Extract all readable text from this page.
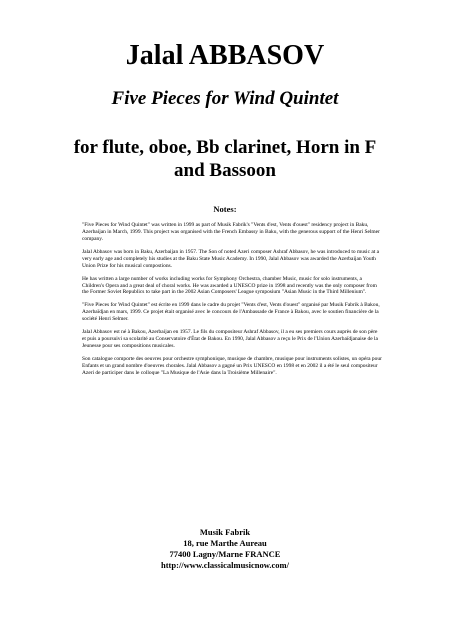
Jalal ABBASOV
Five Pieces for Wind Quintet
for flute, oboe, Bb clarinet, Horn in F
and Bassoon
Notes:

"Five Pieces for Wind Quintet" was written in 1999 as part of Musik Fabrik's "Vents d'est, Vents d'ouest" residency project in Baku, Azerbaijan in March, 1999. This project was organised with the French Embassy in Baku, with the generous support of the Henri Selmer company.

Jalal Abbasov was born in Baku, Azerbaijan in 1957. The Son of noted Azeri composer Ashraf Abbasov, he was introduced to music at a very early age and completely his studies at the Baku State Music Academy. In 1990, Jalal Abbasov was awarded the Azerbaijan Youth Union Prize for his musical compostions.

He has written a large number of works including works for Symphony Orchestra, chamber Music, music for solo instruments, a Children's Opera and a great deal of choral works. He was awarded a UNESCO prize in 1998 and recently was the only composer from the Former Soviet Republics to take part in the 2002 Asian Composers' League symposium "Asian Music in the Third Millenium".

"Five Pieces for Wind Quintet" est écrite en 1999 dans le cadre du projet "Vents d'est, Vents d'ouest" organisé par Musik Fabrik à Bakou, Azerbaïdjan en mars, 1999. Ce projet était organisé avec le concours de l'Ambassade de France à Bakou, avec le soutien financière de la société Henri Selmer.

Jalal Abbasov est né à Bakou, Azerbaijan en 1957. Le fils du compositeur Ashraf Abbasov, il a eu ses premiers cours auprès de son père et puis a poursuivi sa scolarité au Conservatoire d'État de Bakou. En 1990, Jalal Abbasov a reçu le Prix de l'Union Azerbaïdjanaise de la Jeunesse pour ses compositions musicales.

Son catalogue comporte des oeuvres pour orchestre symphonique, musique de chambre, musique pour instruments solistes, un opéra pour Enfants et un grand nombre d'oeuvres chorales. Jalal Abbasov a gagné un Prix UNESCO en 1998 et en 2002 il a été le seul compositeur Azeri de participer dans le colloque "La Musique de l'Asie dans la Troisième Millenaire".

Musik Fabrik
18, rue Marthe Aureau
77400 Lagny/Marne FRANCE
http://www.classicalmusicnow.com/
